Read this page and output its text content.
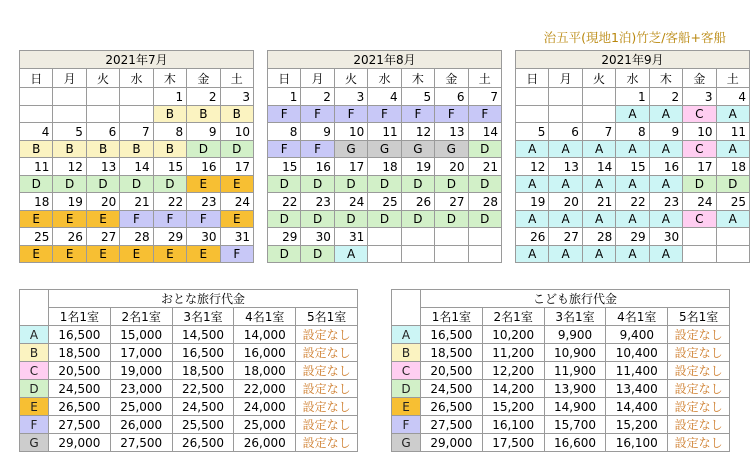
治五平(現地1泊)竹芝/客船+客船
2021年7月						
日	月	火	水	木	金	土
				1	2	3
				B	B	B
4	5	6	7	8	9	10
B	B	B	B	B	D	D
11	12	13	14	15	16	17
D	D	D	D	D	E	E
18	19	20	21	22	23	24
E	E	E	F	F	F	E
25	26	27	28	29	30	31
E	E	E	E	E	E	F
2021年8月						
日	月	火	水	木	金	土
1	2	3	4	5	6	7
F	F	F	F	F	F	F
8	9	10	11	12	13	14
F	F	G	G	G	G	D
15	16	17	18	19	20	21
D	D	D	D	D	D	D
22	23	24	25	26	27	28
D	D	D	D	D	D	D
29	30	31				
D	D	A				
2021年9月						
日	月	火	水	木	金	土
			1	2	3	4
			A	A	C	A
5	6	7	8	9	10	11
A	A	A	A	A	C	A
12	13	14	15	16	17	18
A	A	A	A	A	D	D
19	20	21	22	23	24	25
A	A	A	A	A	C	A
26	27	28	29	30		
A	A	A	A	A		
	おとな旅行代金				
	1名1室	2名1室	3名1室	4名1室	5名1室
A	16,500	15,000	14,500	14,000	設定なし
B	18,500	17,000	16,500	16,000	設定なし
C	20,500	19,000	18,500	18,000	設定なし
D	24,500	23,000	22,500	22,000	設定なし
E	26,500	25,000	24,500	24,000	設定なし
F	27,500	26,000	25,500	25,000	設定なし
G	29,000	27,500	26,500	26,000	設定なし
	こども旅行代金				
	1名1室	2名1室	3名1室	4名1室	5名1室
A	16,500	10,200	9,900	9,400	設定なし
B	18,500	11,200	10,900	10,400	設定なし
C	20,500	12,200	11,900	11,400	設定なし
D	24,500	14,200	13,900	13,400	設定なし
E	26,500	15,200	14,900	14,400	設定なし
F	27,500	16,100	15,700	15,200	設定なし
G	29,000	17,500	16,600	16,100	設定なし
